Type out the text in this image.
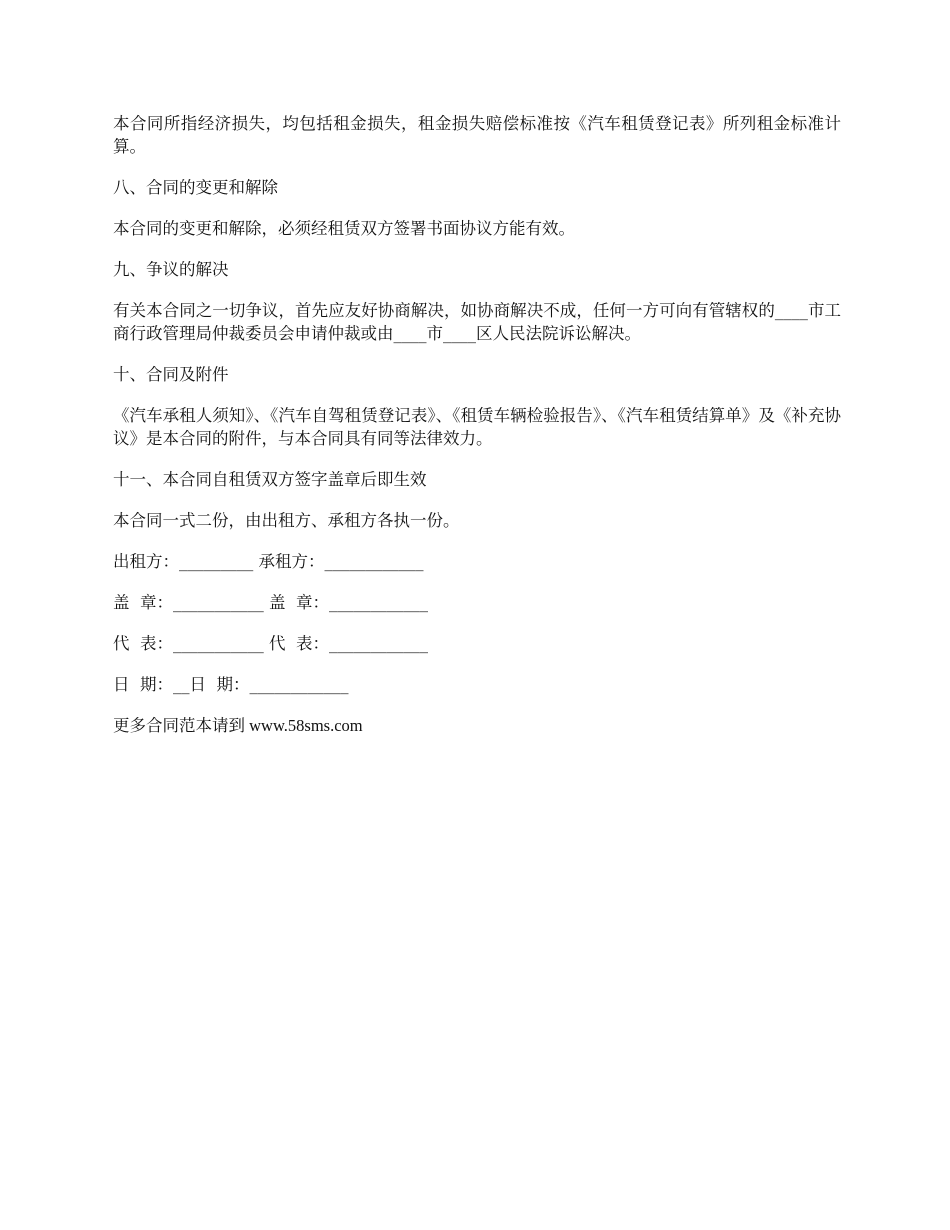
本合同所指经济损失，均包括租金损失，租金损失赔偿标准按《汽车租赁登记表》所列租金标准计算。

八、合同的变更和解除

本合同的变更和解除，必须经租赁双方签署书面协议方能有效。

九、争议的解决

有关本合同之一切争议，首先应友好协商解决，如协商解决不成，任何一方可向有管辖权的____市工商行政管理局仲裁委员会申请仲裁或由____市____区人民法院诉讼解决。

十、合同及附件

《汽车承租人须知》、《汽车自驾租赁登记表》、《租赁车辆检验报告》、《汽车租赁结算单》及《补充协议》是本合同的附件，与本合同具有同等法律效力。

十一、本合同自租赁双方签字盖章后即生效

本合同一式二份，由出租方、承租方各执一份。

出租方：_________ 承租方：____________

盖  章：___________ 盖  章：____________

代  表：___________ 代  表：____________

日  期：__日  期：____________

更多合同范本请到 www.58sms.com
